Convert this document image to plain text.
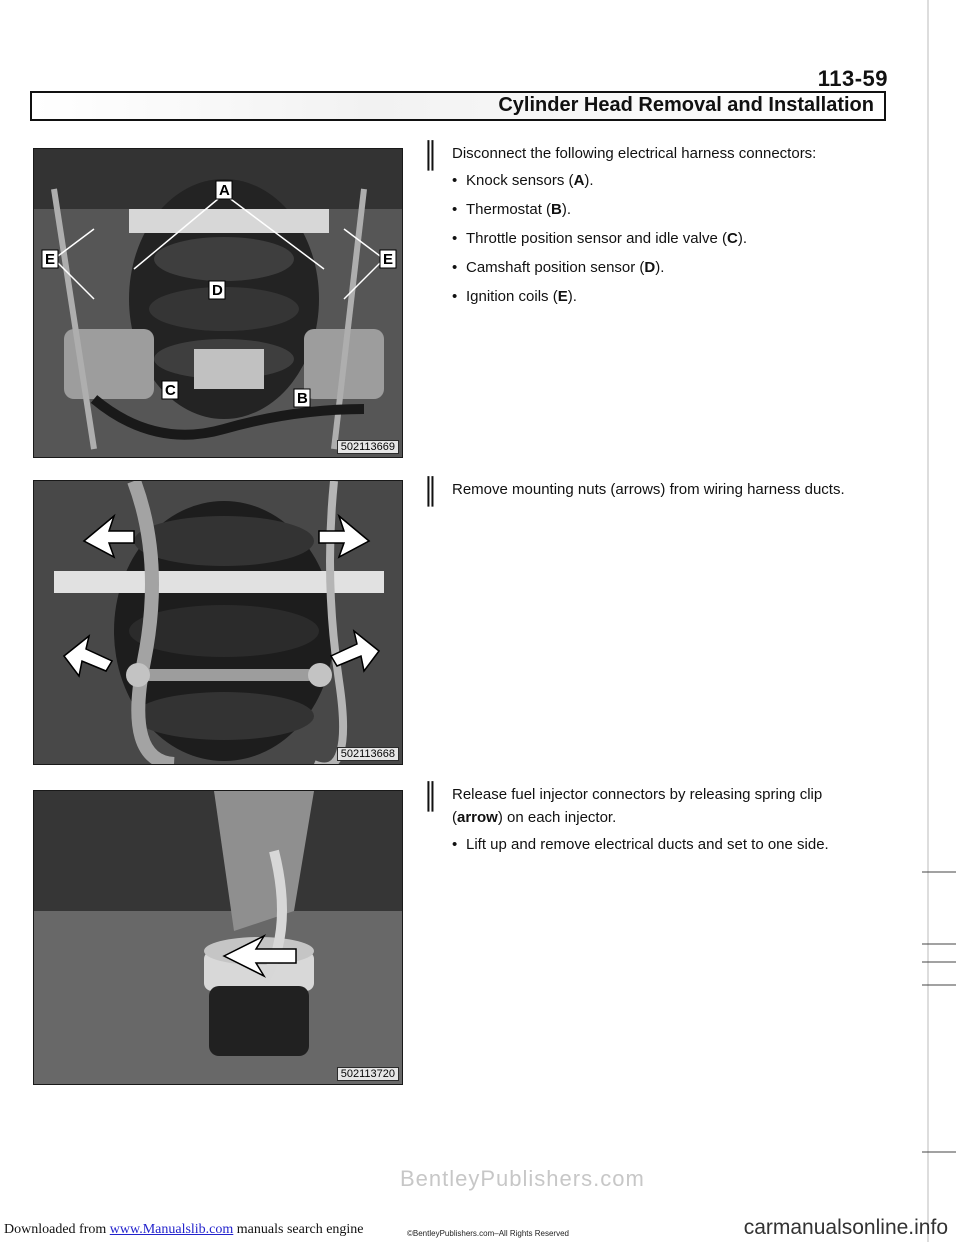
113-59
Cylinder Head Removal and Installation
A
B
C
D
E	E
502113669
502113668
502113720
∥	Disconnect the following electrical harness connectors:
• Knock sensors (A).
• Thermostat (B).
• Throttle position sensor and idle valve (C).
• Camshaft position sensor (D).
• Ignition coils (E).
∥	Remove mounting nuts (arrows) from wiring harness ducts.
∥	Release fuel injector connectors by releasing spring clip (arrow) on each injector.
• Lift up and remove electrical ducts and set to one side.
BentleyPublishers.com
Downloaded from www.Manualslib.com manuals search engine	©BentleyPublishers.com–All Rights Reserved	carmanualsonline.info
